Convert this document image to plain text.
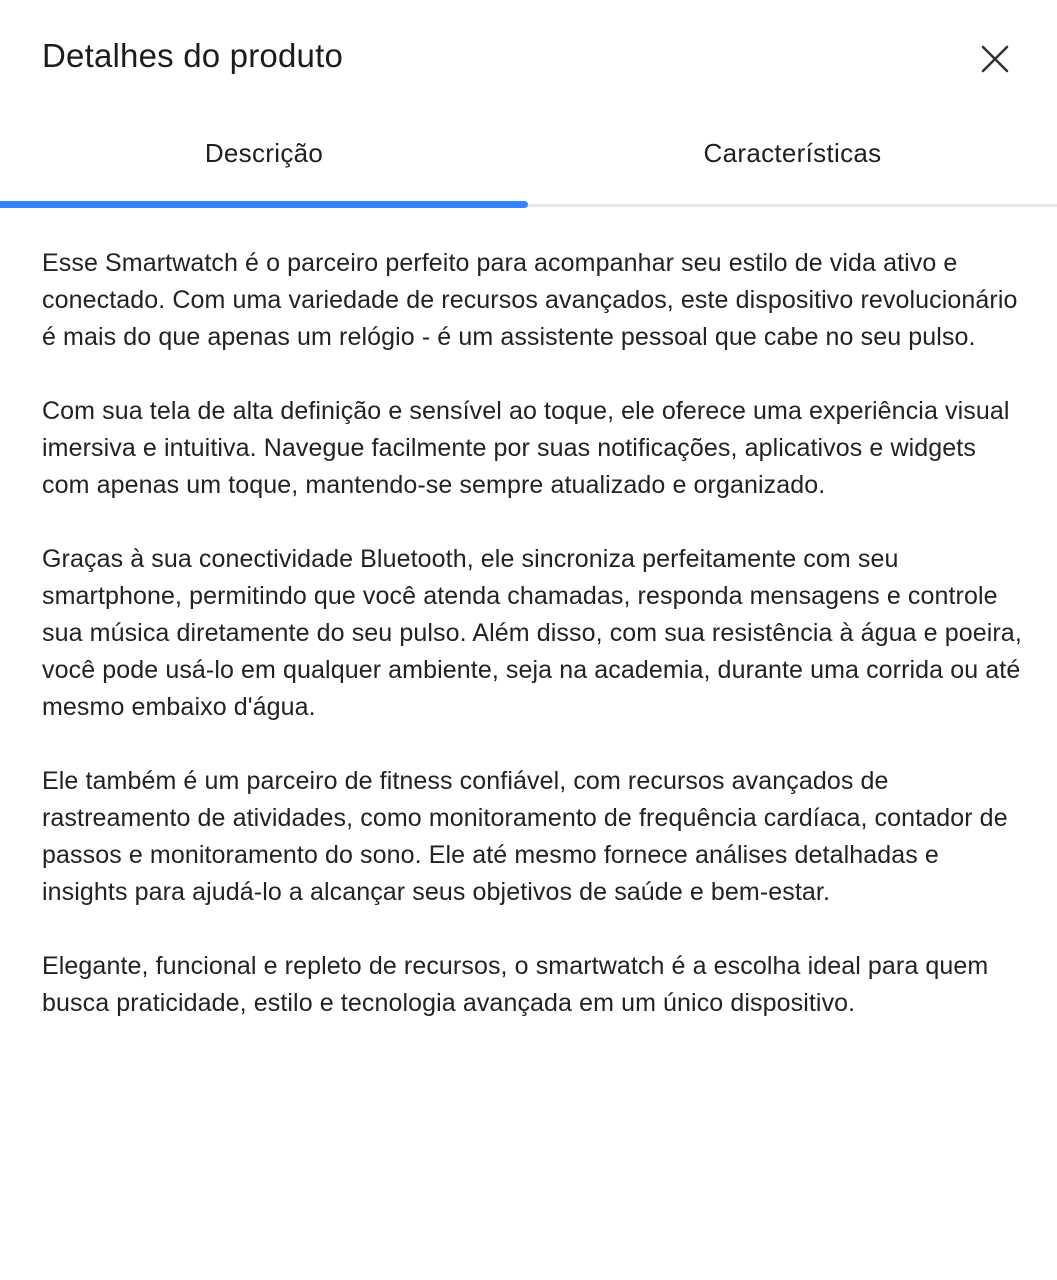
Detalhes do produto
Descrição	Características

Esse Smartwatch é o parceiro perfeito para acompanhar seu estilo de vida ativo e conectado. Com uma variedade de recursos avançados, este dispositivo revolucionário é mais do que apenas um relógio - é um assistente pessoal que cabe no seu pulso.

Com sua tela de alta definição e sensível ao toque, ele oferece uma experiência visual imersiva e intuitiva. Navegue facilmente por suas notificações, aplicativos e widgets com apenas um toque, mantendo-se sempre atualizado e organizado.

Graças à sua conectividade Bluetooth, ele sincroniza perfeitamente com seu smartphone, permitindo que você atenda chamadas, responda mensagens e controle sua música diretamente do seu pulso. Além disso, com sua resistência à água e poeira, você pode usá-lo em qualquer ambiente, seja na academia, durante uma corrida ou até mesmo embaixo d'água.

Ele também é um parceiro de fitness confiável, com recursos avançados de rastreamento de atividades, como monitoramento de frequência cardíaca, contador de passos e monitoramento do sono. Ele até mesmo fornece análises detalhadas e insights para ajudá-lo a alcançar seus objetivos de saúde e bem-estar.

Elegante, funcional e repleto de recursos, o smartwatch é a escolha ideal para quem busca praticidade, estilo e tecnologia avançada em um único dispositivo.
